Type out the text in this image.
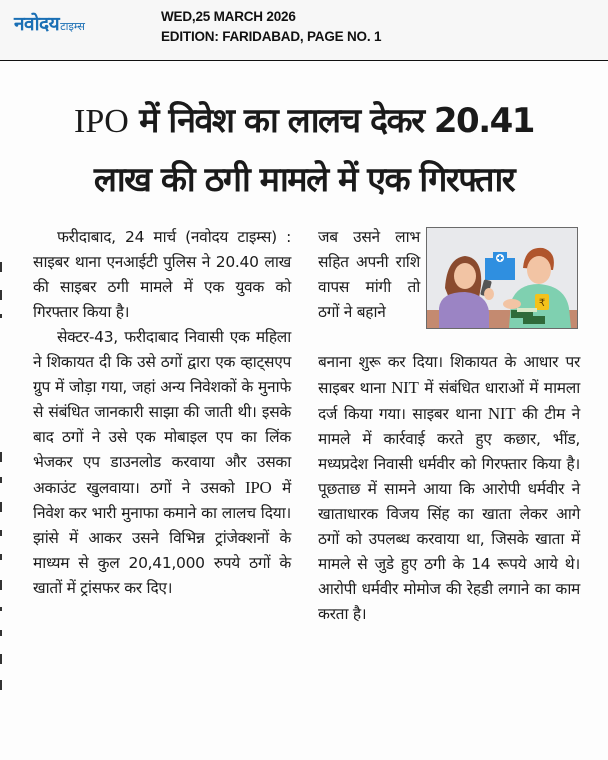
नवोदय टाइम्स
WED,25 MARCH 2026
EDITION: FARIDABAD, PAGE NO. 1
IPO में निवेश का लालच देकर 20.41
लाख की ठगी मामले में एक गिरफ्तार

फरीदाबाद, 24 मार्च (नवोदय टाइम्स) : साइबर थाना एनआईटी पुलिस ने 20.40 लाख की साइबर ठगी मामले में एक युवक को गिरफ्तार किया है।

सेक्टर-43, फरीदाबाद निवासी एक महिला ने शिकायत दी कि उसे ठगों द्वारा एक व्हाट्सएप ग्रुप में जोड़ा गया, जहां अन्य निवेशकों के मुनाफे से संबंधित जानकारी साझा की जाती थी। इसके बाद ठगों ने उसे एक मोबाइल एप का लिंक भेजकर एप डाउनलोड करवाया और उसका अकाउंट खुलवाया। ठगों ने उसको IPO में निवेश कर भारी मुनाफा कमाने का लालच दिया। झांसे में आकर उसने विभिन्न ट्रांजेक्शनों के माध्यम से कुल 20,41,000 रुपये ठगों के खातों में ट्रांसफर कर दिए।

जब उसने लाभ सहित अपनी राशि वापस मांगी तो ठगों ने बहाने	₹

बनाना शुरू कर दिया। शिकायत के आधार पर साइबर थाना NIT में संबंधित धाराओं में मामला दर्ज किया गया। साइबर थाना NIT की टीम ने मामले में कार्रवाई करते हुए कछार, भींड, मध्यप्रदेश निवासी धर्मवीर को गिरफ्तार किया है। पूछताछ में सामने आया कि आरोपी धर्मवीर ने खाताधारक विजय सिंह का खाता लेकर आगे ठगों को उपलब्ध करवाया था, जिसके खाता में मामले से जुडे हुए ठगी के 14 रूपये आये थे। आरोपी धर्मवीर मोमोज की रेहडी लगाने का काम करता है।
